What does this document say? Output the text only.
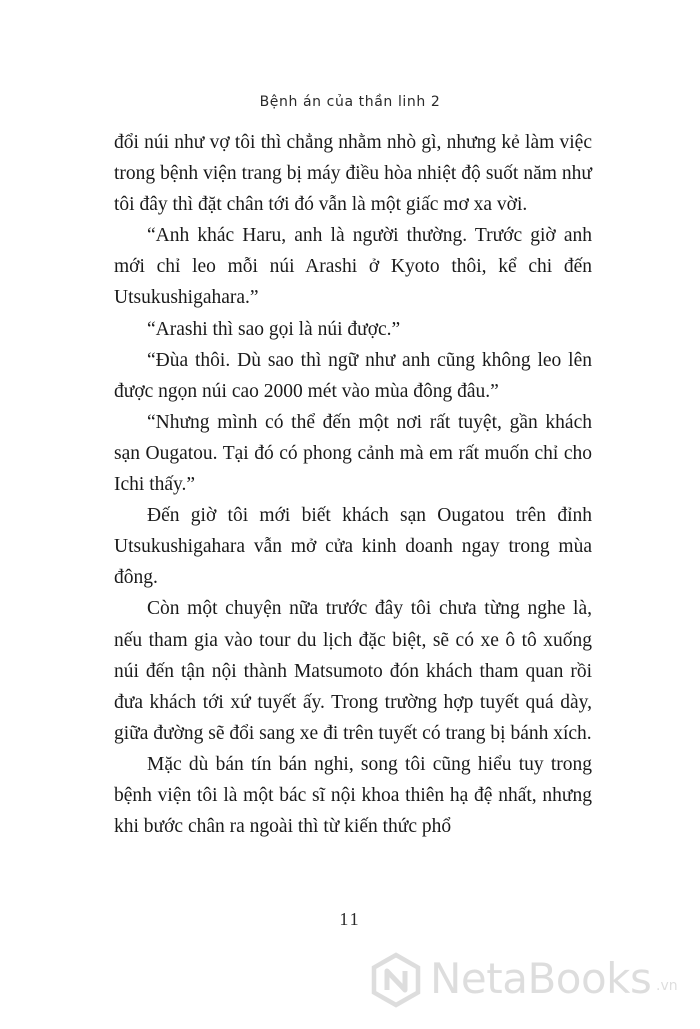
Bệnh án của thần linh 2

đổi núi như vợ tôi thì chẳng nhằm nhò gì, nhưng kẻ làm việc trong bệnh viện trang bị máy điều hòa nhiệt độ suốt năm như tôi đây thì đặt chân tới đó vẫn là một giấc mơ xa vời.

“Anh khác Haru, anh là người thường. Trước giờ anh mới chỉ leo mỗi núi Arashi ở Kyoto thôi, kể chi đến Utsukushigahara.”

“Arashi thì sao gọi là núi được.”

“Đùa thôi. Dù sao thì ngữ như anh cũng không leo lên được ngọn núi cao 2000 mét vào mùa đông đâu.”

“Nhưng mình có thể đến một nơi rất tuyệt, gần khách sạn Ougatou. Tại đó có phong cảnh mà em rất muốn chỉ cho Ichi thấy.”

Đến giờ tôi mới biết khách sạn Ougatou trên đỉnh Utsukushigahara vẫn mở cửa kinh doanh ngay trong mùa đông.

Còn một chuyện nữa trước đây tôi chưa từng nghe là, nếu tham gia vào tour du lịch đặc biệt, sẽ có xe ô tô xuống núi đến tận nội thành Matsumoto đón khách tham quan rồi đưa khách tới xứ tuyết ấy. Trong trường hợp tuyết quá dày, giữa đường sẽ đổi sang xe đi trên tuyết có trang bị bánh xích.

Mặc dù bán tín bán nghi, song tôi cũng hiểu tuy trong bệnh viện tôi là một bác sĩ nội khoa thiên hạ đệ nhất, nhưng khi bước chân ra ngoài thì từ kiến thức phổ

11
NetaBooks .vn
